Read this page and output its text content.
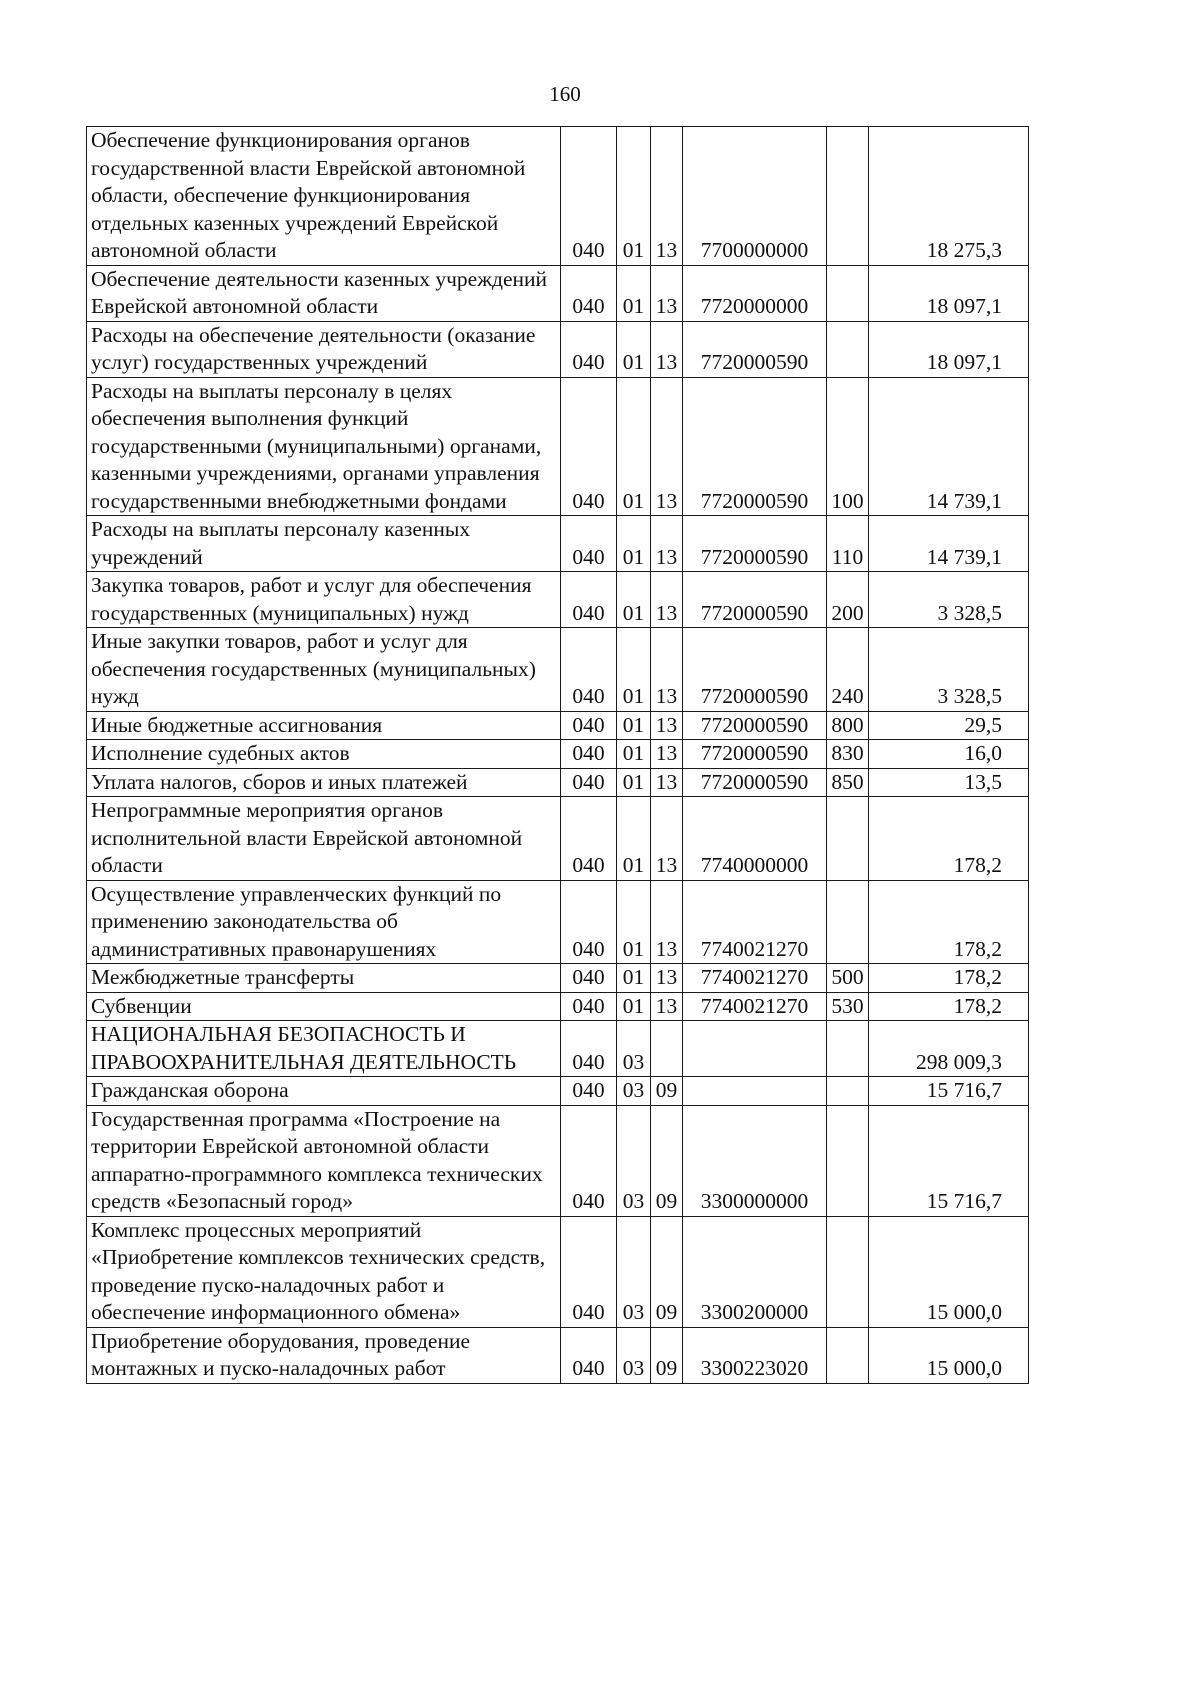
160
Обеспечение функционирования органов государственной власти Еврейской автономной области, обеспечение функционирования отдельных казенных учреждений Еврейской автономной области	040	01	13	7700000000		18 275,3
Обеспечение деятельности казенных учреждений Еврейской автономной области	040	01	13	7720000000		18 097,1
Расходы на обеспечение деятельности (оказание услуг) государственных учреждений	040	01	13	7720000590		18 097,1
Расходы на выплаты персоналу в целях обеспечения выполнения функций государственными (муниципальными) органами, казенными учреждениями, органами управления государственными внебюджетными фондами	040	01	13	7720000590	100	14 739,1
Расходы на выплаты персоналу казенных учреждений	040	01	13	7720000590	110	14 739,1
Закупка товаров, работ и услуг для обеспечения государственных (муниципальных) нужд	040	01	13	7720000590	200	3 328,5
Иные закупки товаров, работ и услуг для обеспечения государственных (муниципальных) нужд	040	01	13	7720000590	240	3 328,5
Иные бюджетные ассигнования	040	01	13	7720000590	800	29,5
Исполнение судебных актов	040	01	13	7720000590	830	16,0
Уплата налогов, сборов и иных платежей	040	01	13	7720000590	850	13,5
Непрограммные мероприятия органов исполнительной власти Еврейской автономной области	040	01	13	7740000000		178,2
Осуществление управленческих функций по применению законодательства об административных правонарушениях	040	01	13	7740021270		178,2
Межбюджетные трансферты	040	01	13	7740021270	500	178,2
Субвенции	040	01	13	7740021270	530	178,2
НАЦИОНАЛЬНАЯ БЕЗОПАСНОСТЬ И ПРАВООХРАНИТЕЛЬНАЯ ДЕЯТЕЛЬНОСТЬ	040	03				298 009,3
Гражданская оборона	040	03	09			15 716,7
Государственная программа «Построение на территории Еврейской автономной области аппаратно-программного комплекса технических средств «Безопасный город»	040	03	09	3300000000		15 716,7
Комплекс процессных мероприятий «Приобретение комплексов технических средств, проведение пуско-наладочных работ и обеспечение информационного обмена»	040	03	09	3300200000		15 000,0
Приобретение оборудования, проведение монтажных и пуско-наладочных работ	040	03	09	3300223020		15 000,0
